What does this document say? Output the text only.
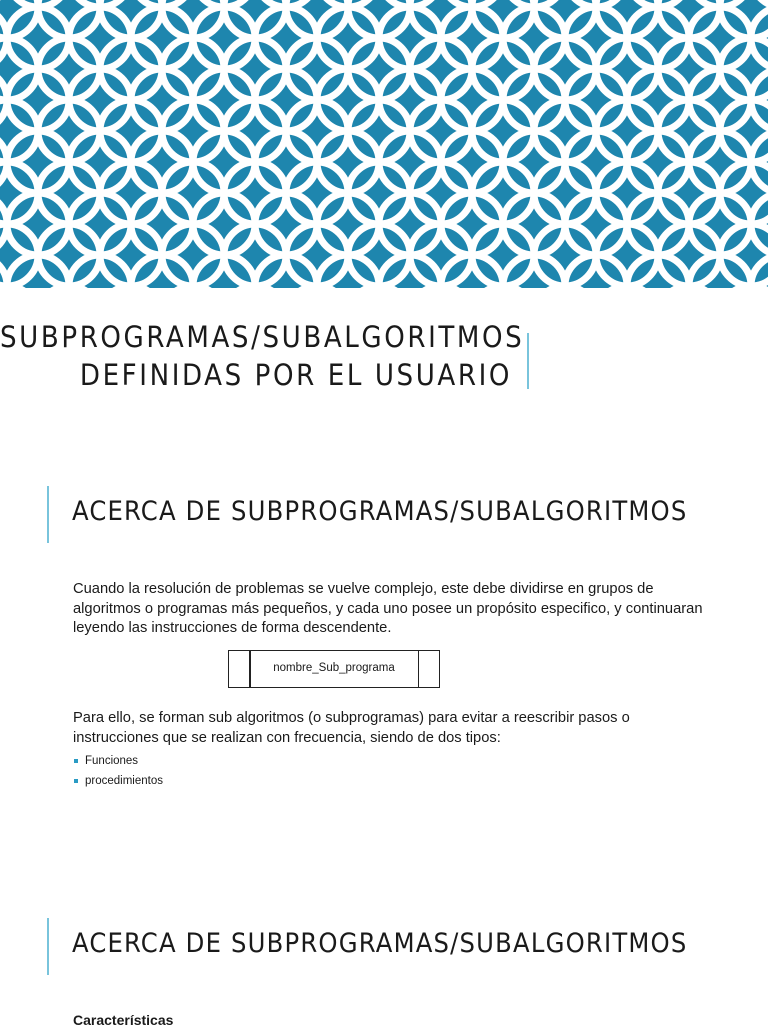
SUBPROGRAMAS/SUBALGORITMOS
DEFINIDAS POR EL USUARIO
ACERCA DE SUBPROGRAMAS/SUBALGORITMOS
Cuando la resolución de problemas se vuelve complejo, este debe dividirse en grupos de algoritmos o programas más pequeños, y cada uno posee un propósito especifico, y continuaran leyendo las instrucciones de forma descendente.
nombre_Sub_programa
Para ello, se forman sub algoritmos (o subprogramas) para evitar a reescribir pasos o instrucciones que se realizan con frecuencia, siendo de dos tipos:
Funciones
procedimientos
ACERCA DE SUBPROGRAMAS/SUBALGORITMOS
Características
